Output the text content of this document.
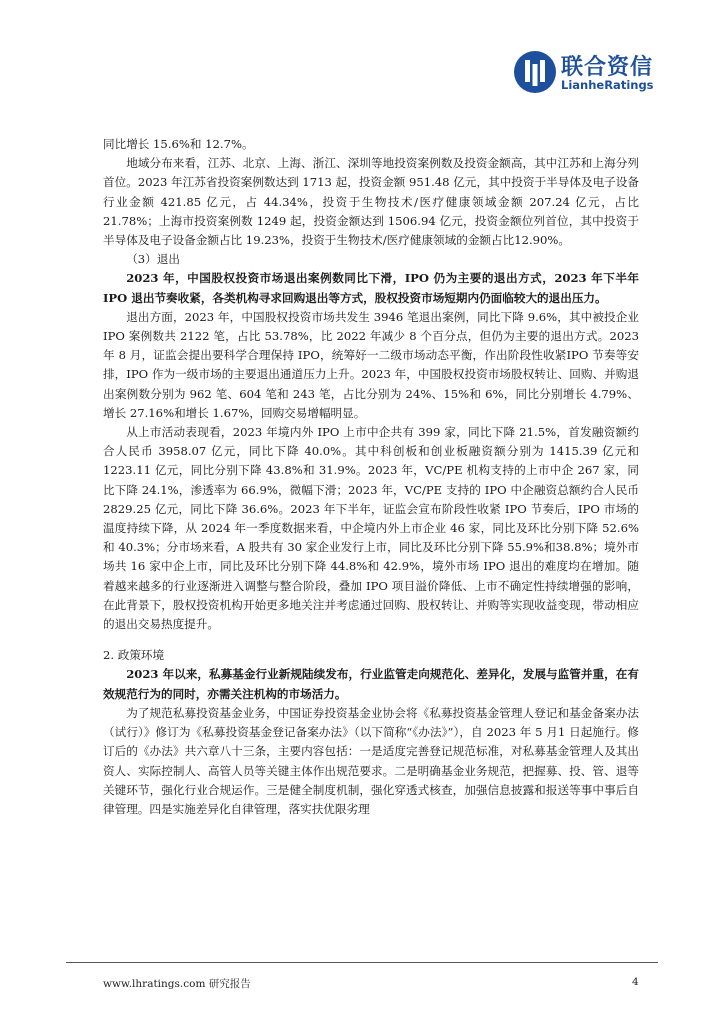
联合资信
LianheRatings

同比增长 15.6%和 12.7%。

地域分布来看，江苏、北京、上海、浙江、深圳等地投资案例数及投资金额高，其中江苏和上海分列首位。2023 年江苏省投资案例数达到 1713 起，投资金额 951.48 亿元，其中投资于半导体及电子设备行业金额 421.85 亿元，占 44.34%，投资于生物技术/医疗健康领域金额 207.24 亿元，占比 21.78%；上海市投资案例数 1249 起，投资金额达到 1506.94 亿元，投资金额位列首位，其中投资于半导体及电子设备金额占比 19.23%，投资于生物技术/医疗健康领域的金额占比12.90%。

（3）退出

2023 年，中国股权投资市场退出案例数同比下滑，IPO 仍为主要的退出方式，2023 年下半年 IPO 退出节奏收紧，各类机构寻求回购退出等方式，股权投资市场短期内仍面临较大的退出压力。

退出方面，2023 年，中国股权投资市场共发生 3946 笔退出案例，同比下降 9.6%，其中被投企业 IPO 案例数共 2122 笔，占比 53.78%，比 2022 年减少 8 个百分点，但仍为主要的退出方式。2023 年 8 月，证监会提出要科学合理保持 IPO，统筹好一二级市场动态平衡，作出阶段性收紧IPO 节奏等安排，IPO 作为一级市场的主要退出通道压力上升。2023 年，中国股权投资市场股权转让、回购、并购退出案例数分别为 962 笔、604 笔和 243 笔，占比分别为 24%、15%和 6%，同比分别增长 4.79%、增长 27.16%和增长 1.67%，回购交易增幅明显。

从上市活动表现看，2023 年境内外 IPO 上市中企共有 399 家，同比下降 21.5%，首发融资额约合人民币 3958.07 亿元，同比下降 40.0%。其中科创板和创业板融资额分别为 1415.39 亿元和1223.11 亿元，同比分别下降 43.8%和 31.9%。2023 年，VC/PE 机构支持的上市中企 267 家，同比下降 24.1%，渗透率为 66.9%，微幅下滑；2023 年，VC/PE 支持的 IPO 中企融资总额约合人民币 2829.25 亿元，同比下降 36.6%。2023 年下半年，证监会宣布阶段性收紧 IPO 节奏后，IPO 市场的温度持续下降，从 2024 年一季度数据来看，中企境内外上市企业 46 家，同比及环比分别下降 52.6%和 40.3%；分市场来看，A 股共有 30 家企业发行上市，同比及环比分别下降 55.9%和38.8%；境外市场共 16 家中企上市，同比及环比分别下降 44.8%和 42.9%，境外市场 IPO 退出的难度均在增加。随着越来越多的行业逐渐进入调整与整合阶段，叠加 IPO 项目溢价降低、上市不确定性持续增强的影响，在此背景下，股权投资机构开始更多地关注并考虑通过回购、股权转让、并购等实现收益变现，带动相应的退出交易热度提升。

2. 政策环境

2023 年以来，私募基金行业新规陆续发布，行业监管走向规范化、差异化，发展与监管并重，在有效规范行为的同时，亦需关注机构的市场活力。

为了规范私募投资基金业务，中国证券投资基金业协会将《私募投资基金管理人登记和基金备案办法（试行）》修订为《私募投资基金登记备案办法》（以下简称“《办法》”），自 2023 年 5 月1 日起施行。修订后的《办法》共六章八十三条，主要内容包括：一是适度完善登记规范标准，对私募基金管理人及其出资人、实际控制人、高管人员等关键主体作出规范要求。二是明确基金业务规范，把握募、投、管、退等关键环节，强化行业合规运作。三是健全制度机制，强化穿透式核查，加强信息披露和报送等事中事后自律管理。四是实施差异化自律管理，落实扶优限劣理

www.lhratings.com 研究报告	4
